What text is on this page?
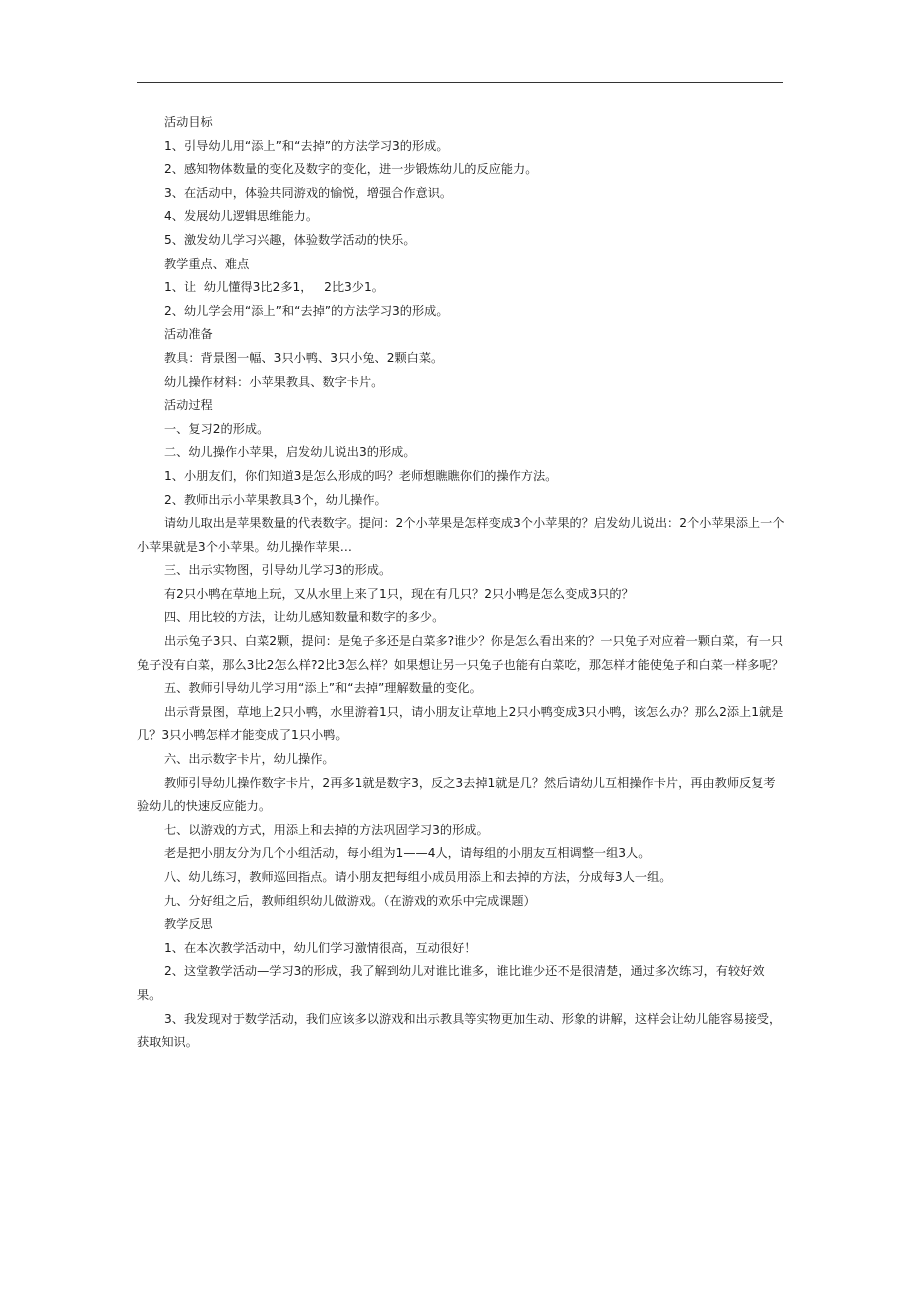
活动目标

1、引导幼儿用“添上”和“去掉”的方法学习3的形成。

2、感知物体数量的变化及数字的变化，进一步锻炼幼儿的反应能力。

3、在活动中，体验共同游戏的愉悦，增强合作意识。

4、发展幼儿逻辑思维能力。

5、激发幼儿学习兴趣，体验数学活动的快乐。

教学重点、难点

1、让  幼儿懂得3比2多1，   2比3少1。

2、幼儿学会用“添上”和“去掉”的方法学习3的形成。

活动准备

教具：背景图一幅、3只小鸭、3只小兔、2颗白菜。

幼儿操作材料：小苹果教具、数字卡片。

活动过程

一、复习2的形成。

二、幼儿操作小苹果，启发幼儿说出3的形成。

1、小朋友们，你们知道3是怎么形成的吗？老师想瞧瞧你们的操作方法。

2、教师出示小苹果教具3个，幼儿操作。

请幼儿取出是苹果数量的代表数字。提问：2个小苹果是怎样变成3个小苹果的？启发幼儿说出：2个小苹果添上一个小苹果就是3个小苹果。幼儿操作苹果…

三、出示实物图，引导幼儿学习3的形成。

有2只小鸭在草地上玩，又从水里上来了1只，现在有几只？2只小鸭是怎么变成3只的？

四、用比较的方法，让幼儿感知数量和数字的多少。

出示兔子3只、白菜2颗，提问：是兔子多还是白菜多?谁少？你是怎么看出来的？一只兔子对应着一颗白菜，有一只兔子没有白菜，那么3比2怎么样?2比3怎么样？如果想让另一只兔子也能有白菜吃，那怎样才能使兔子和白菜一样多呢？

五、教师引导幼儿学习用“添上”和“去掉”理解数量的变化。

出示背景图，草地上2只小鸭，水里游着1只，请小朋友让草地上2只小鸭变成3只小鸭，该怎么办？那么2添上1就是几？3只小鸭怎样才能变成了1只小鸭。

六、出示数字卡片，幼儿操作。

教师引导幼儿操作数字卡片，2再多1就是数字3，反之3去掉1就是几？然后请幼儿互相操作卡片，再由教师反复考验幼儿的快速反应能力。

七、以游戏的方式，用添上和去掉的方法巩固学习3的形成。

老是把小朋友分为几个小组活动，每小组为1——4人，请每组的小朋友互相调整一组3人。

八、幼儿练习，教师巡回指点。请小朋友把每组小成员用添上和去掉的方法，分成每3人一组。

九、分好组之后，教师组织幼儿做游戏。（在游戏的欢乐中完成课题）

教学反思

1、在本次教学活动中，幼儿们学习激情很高，互动很好！

2、这堂教学活动—学习3的形成，我了解到幼儿对谁比谁多，谁比谁少还不是很清楚，通过多次练习，有较好效果。

3、我发现对于数学活动，我们应该多以游戏和出示教具等实物更加生动、形象的讲解，这样会让幼儿能容易接受，获取知识。
